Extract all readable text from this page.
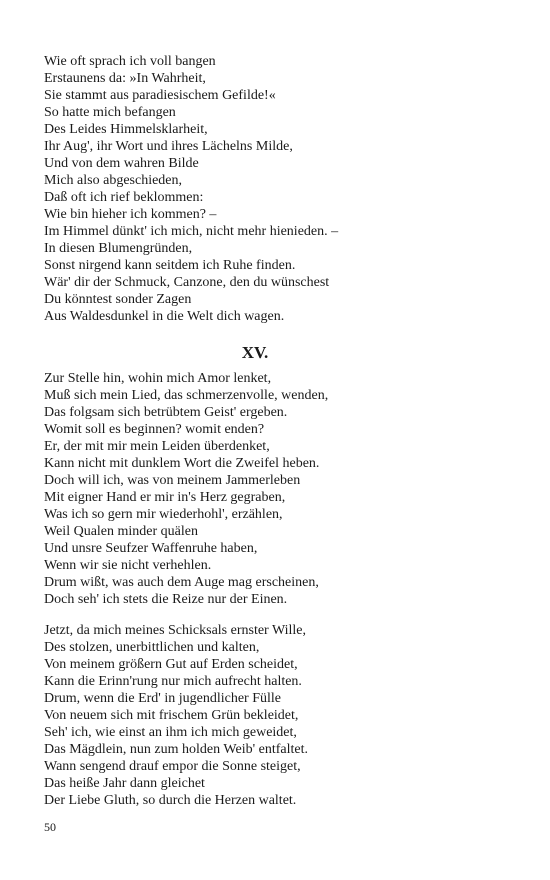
Wie oft sprach ich voll bangen
Erstaunens da: »In Wahrheit,
Sie stammt aus paradiesischem Gefilde!«
So hatte mich befangen
Des Leides Himmelsklarheit,
Ihr Aug', ihr Wort und ihres Lächelns Milde,
Und von dem wahren Bilde
Mich also abgeschieden,
Daß oft ich rief beklommen:
Wie bin hieher ich kommen? –
Im Himmel dünkt' ich mich, nicht mehr hienieden. –
In diesen Blumengründen,
Sonst nirgend kann seitdem ich Ruhe finden.
Wär' dir der Schmuck, Canzone, den du wünschest
Du könntest sonder Zagen
Aus Waldesdunkel in die Welt dich wagen.
XV.
Zur Stelle hin, wohin mich Amor lenket,
Muß sich mein Lied, das schmerzenvolle, wenden,
Das folgsam sich betrübtem Geist' ergeben.
Womit soll es beginnen? womit enden?
Er, der mit mir mein Leiden überdenket,
Kann nicht mit dunklem Wort die Zweifel heben.
Doch will ich, was von meinem Jammerleben
Mit eigner Hand er mir in's Herz gegraben,
Was ich so gern mir wiederhohl', erzählen,
Weil Qualen minder quälen
Und unsre Seufzer Waffenruhe haben,
Wenn wir sie nicht verhehlen.
Drum wißt, was auch dem Auge mag erscheinen,
Doch seh' ich stets die Reize nur der Einen.
Jetzt, da mich meines Schicksals ernster Wille,
Des stolzen, unerbittlichen und kalten,
Von meinem größern Gut auf Erden scheidet,
Kann die Erinn'rung nur mich aufrecht halten.
Drum, wenn die Erd' in jugendlicher Fülle
Von neuem sich mit frischem Grün bekleidet,
Seh' ich, wie einst an ihm ich mich geweidet,
Das Mägdlein, nun zum holden Weib' entfaltet.
Wann sengend drauf empor die Sonne steiget,
Das heiße Jahr dann gleichet
Der Liebe Gluth, so durch die Herzen waltet.
50
